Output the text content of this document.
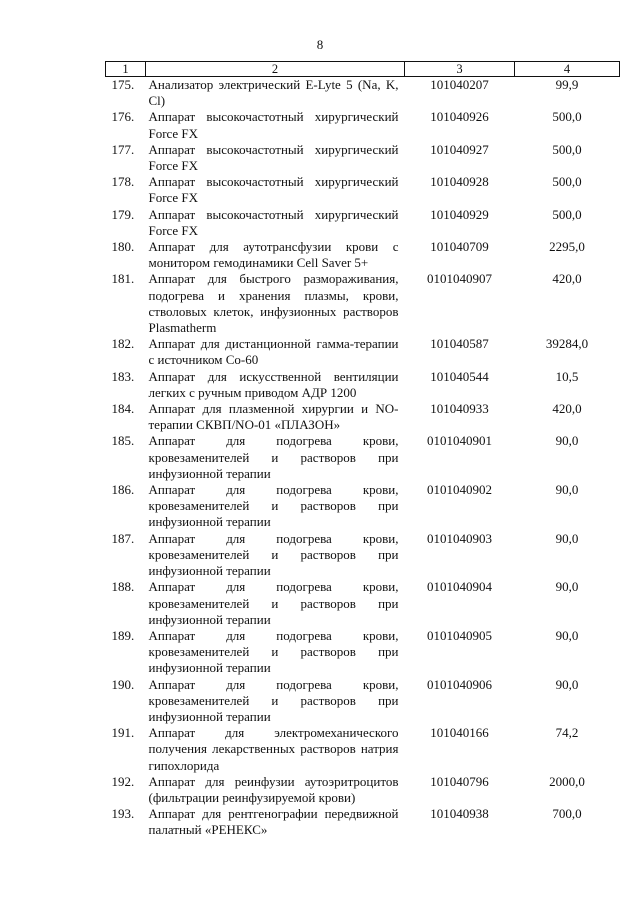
8
1	2	3	4
175.	Анализатор электрический E-Lyte 5 (Na, K, Cl)	101040207	99,9
176.	Аппарат высокочастотный хирургический Force FX	101040926	500,0
177.	Аппарат высокочастотный хирургический Force FX	101040927	500,0
178.	Аппарат высокочастотный хирургический Force FX	101040928	500,0
179.	Аппарат высокочастотный хирургический Force FX	101040929	500,0
180.	Аппарат для аутотрансфузии крови с монитором гемодинамики Cell Saver 5+	101040709	2295,0
181.	Аппарат для быстрого размораживания, подогрева и хранения плазмы, крови, стволовых клеток, инфузионных растворов Plasmatherm	0101040907	420,0
182.	Аппарат для дистанционной гамма-терапии с источником Co-60	101040587	39284,0
183.	Аппарат для искусственной вентиляции легких с ручным приводом АДР 1200	101040544	10,5
184.	Аппарат для плазменной хирургии и NO-терапии СКВП/NO-01 «ПЛАЗОН»	101040933	420,0
185.	Аппарат для подогрева крови, кровезаменителей и растворов при инфузионной терапии	0101040901	90,0
186.	Аппарат для подогрева крови, кровезаменителей и растворов при инфузионной терапии	0101040902	90,0
187.	Аппарат для подогрева крови, кровезаменителей и растворов при инфузионной терапии	0101040903	90,0
188.	Аппарат для подогрева крови, кровезаменителей и растворов при инфузионной терапии	0101040904	90,0
189.	Аппарат для подогрева крови, кровезаменителей и растворов при инфузионной терапии	0101040905	90,0
190.	Аппарат для подогрева крови, кровезаменителей и растворов при инфузионной терапии	0101040906	90,0
191.	Аппарат для электромеханического получения лекарственных растворов натрия гипохлорида	101040166	74,2
192.	Аппарат для реинфузии аутоэритроцитов (фильтрации реинфузируемой крови)	101040796	2000,0
193.	Аппарат для рентгенографии передвижной палатный «РЕНЕКС»	101040938	700,0
